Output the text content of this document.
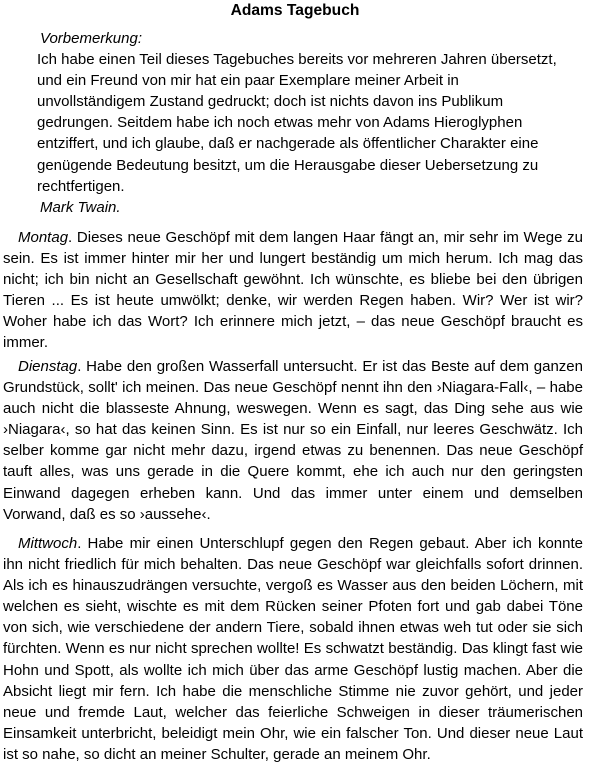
Adams Tagebuch
Vorbemerkung:
Ich habe einen Teil dieses Tagebuches bereits vor mehreren Jahren übersetzt, und ein Freund von mir hat ein paar Exemplare meiner Arbeit in unvollständigem Zustand gedruckt; doch ist nichts davon ins Publikum gedrungen. Seitdem habe ich noch etwas mehr von Adams Hieroglyphen entziffert, und ich glaube, daß er nachgerade als öffentlicher Charakter eine genügende Bedeutung besitzt, um die Herausgabe dieser Uebersetzung zu rechtfertigen.
Mark Twain.
Montag. Dieses neue Geschöpf mit dem langen Haar fängt an, mir sehr im Wege zu sein. Es ist immer hinter mir her und lungert beständig um mich herum. Ich mag das nicht; ich bin nicht an Gesellschaft gewöhnt. Ich wünschte, es bliebe bei den übrigen Tieren ... Es ist heute umwölkt; denke, wir werden Regen haben. Wir? Wer ist wir? Woher habe ich das Wort? Ich erinnere mich jetzt, – das neue Geschöpf braucht es immer.
Dienstag. Habe den großen Wasserfall untersucht. Er ist das Beste auf dem ganzen Grundstück, sollt' ich meinen. Das neue Geschöpf nennt ihn den ›Niagara-Fall‹, – habe auch nicht die blasseste Ahnung, weswegen. Wenn es sagt, das Ding sehe aus wie ›Niagara‹, so hat das keinen Sinn. Es ist nur so ein Einfall, nur leeres Geschwätz. Ich selber komme gar nicht mehr dazu, irgend etwas zu benennen. Das neue Geschöpf tauft alles, was uns gerade in die Quere kommt, ehe ich auch nur den geringsten Einwand dagegen erheben kann. Und das immer unter einem und demselben Vorwand, daß es so ›aussehe‹.
Mittwoch. Habe mir einen Unterschlupf gegen den Regen gebaut. Aber ich konnte ihn nicht friedlich für mich behalten. Das neue Geschöpf war gleichfalls sofort drinnen. Als ich es hinauszudrängen versuchte, vergoß es Wasser aus den beiden Löchern, mit welchen es sieht, wischte es mit dem Rücken seiner Pfoten fort und gab dabei Töne von sich, wie verschiedene der andern Tiere, sobald ihnen etwas weh tut oder sie sich fürchten. Wenn es nur nicht sprechen wollte! Es schwatzt beständig. Das klingt fast wie Hohn und Spott, als wollte ich mich über das arme Geschöpf lustig machen. Aber die Absicht liegt mir fern. Ich habe die menschliche Stimme nie zuvor gehört, und jeder neue und fremde Laut, welcher das feierliche Schweigen in dieser träumerischen Einsamkeit unterbricht, beleidigt mein Ohr, wie ein falscher Ton. Und dieser neue Laut ist so nahe, so dicht an meiner Schulter, gerade an meinem Ohr.
